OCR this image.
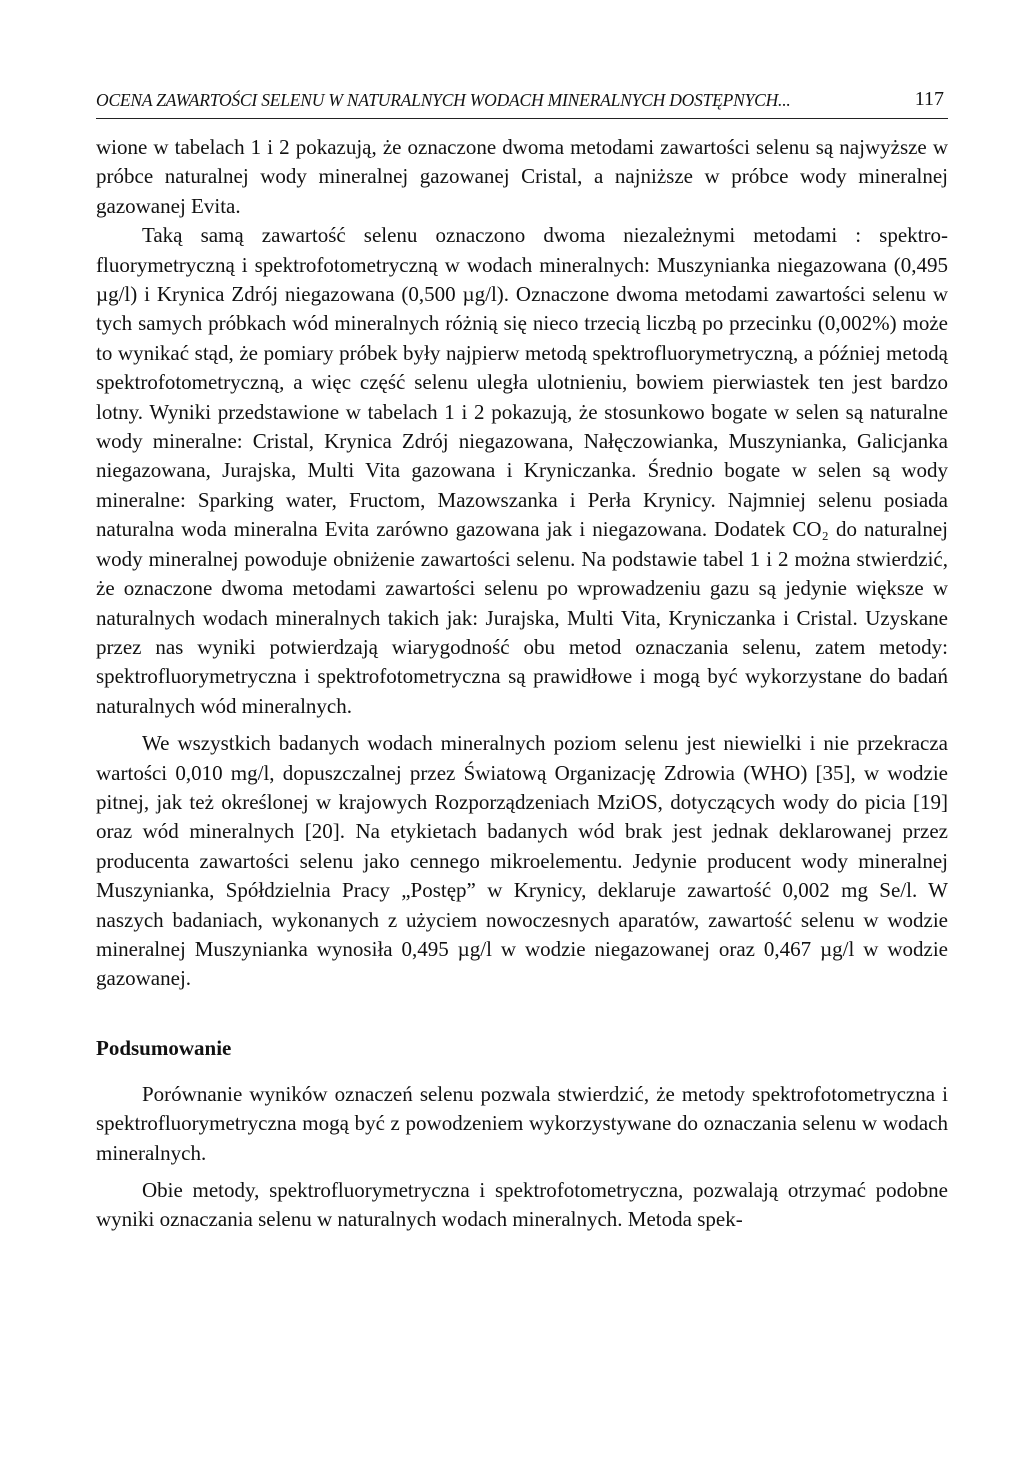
OCENA ZAWARTOŚCI SELENU W NATURALNYCH WODACH MINERALNYCH DOSTĘPNYCH...	117

wione w tabelach 1 i 2 pokazują, że oznaczone dwoma metodami zawartości selenu są najwyższe w próbce naturalnej wody mineralnej gazowanej Cristal, a najniższe w próbce wody mineralnej gazowanej Evita.

Taką samą zawartość selenu oznaczono dwoma niezależnymi metodami : spektrofluorymetryczną i spektrofotometryczną w wodach mineralnych: Muszynianka niegazowana (0,495 µg/l) i Krynica Zdrój niegazowana (0,500 µg/l). Oznaczone dwoma metodami zawartości selenu w tych samych próbkach wód mineralnych różnią się nieco trzecią liczbą po przecinku (0,002%) może to wynikać stąd, że pomiary próbek były najpierw metodą spektrofluorymetryczną, a później metodą spektrofotometryczną, a więc część selenu uległa ulotnieniu, bowiem pierwiastek ten jest bardzo lotny. Wyniki przedstawione w tabelach 1 i 2 pokazują, że stosunkowo bogate w selen są naturalne wody mineralne: Cristal, Krynica Zdrój niegazowana, Nałęczowianka, Muszynianka, Galicjanka niegazowana, Jurajska, Multi Vita gazowana i Kryniczanka. Średnio bogate w selen są wody mineralne: Sparking water, Fructom, Mazowszanka i Perła Krynicy. Najmniej selenu posiada naturalna woda mineralna Evita zarówno gazowana jak i niegazowana. Dodatek CO₂ do naturalnej wody mineralnej powoduje obniżenie zawartości selenu. Na podstawie tabel 1 i 2 można stwierdzić, że oznaczone dwoma metodami zawartości selenu po wprowadzeniu gazu są jedynie większe w naturalnych wodach mineralnych takich jak: Jurajska, Multi Vita, Kryniczanka i Cristal. Uzyskane przez nas wyniki potwierdzają wiarygodność obu metod oznaczania selenu, zatem metody: spektrofluorymetryczna i spektrofotometryczna są prawidłowe i mogą być wykorzystane do badań naturalnych wód mineralnych.

We wszystkich badanych wodach mineralnych poziom selenu jest niewielki i nie przekracza wartości 0,010 mg/l, dopuszczalnej przez Światową Organizację Zdrowia (WHO) [35], w wodzie pitnej, jak też określonej w krajowych Rozporządzeniach MziOS, dotyczących wody do picia [19] oraz wód mineralnych [20]. Na etykietach badanych wód brak jest jednak deklarowanej przez producenta zawartości selenu jako cennego mikroelementu. Jedynie producent wody mineralnej Muszynianka, Spółdzielnia Pracy „Postęp” w Krynicy, deklaruje zawartość 0,002 mg Se/l. W naszych badaniach, wykonanych z użyciem nowoczesnych aparatów, zawartość selenu w wodzie mineralnej Muszynianka wynosiła 0,495 µg/l w wodzie niegazowanej oraz 0,467 µg/l w wodzie gazowanej.

Podsumowanie

Porównanie wyników oznaczeń selenu pozwala stwierdzić, że metody spektrofotometryczna i spektrofluorymetryczna mogą być z powodzeniem wykorzystywane do oznaczania selenu w wodach mineralnych.

Obie metody, spektrofluorymetryczna i spektrofotometryczna, pozwalają otrzymać podobne wyniki oznaczania selenu w naturalnych wodach mineralnych. Metoda spek-
